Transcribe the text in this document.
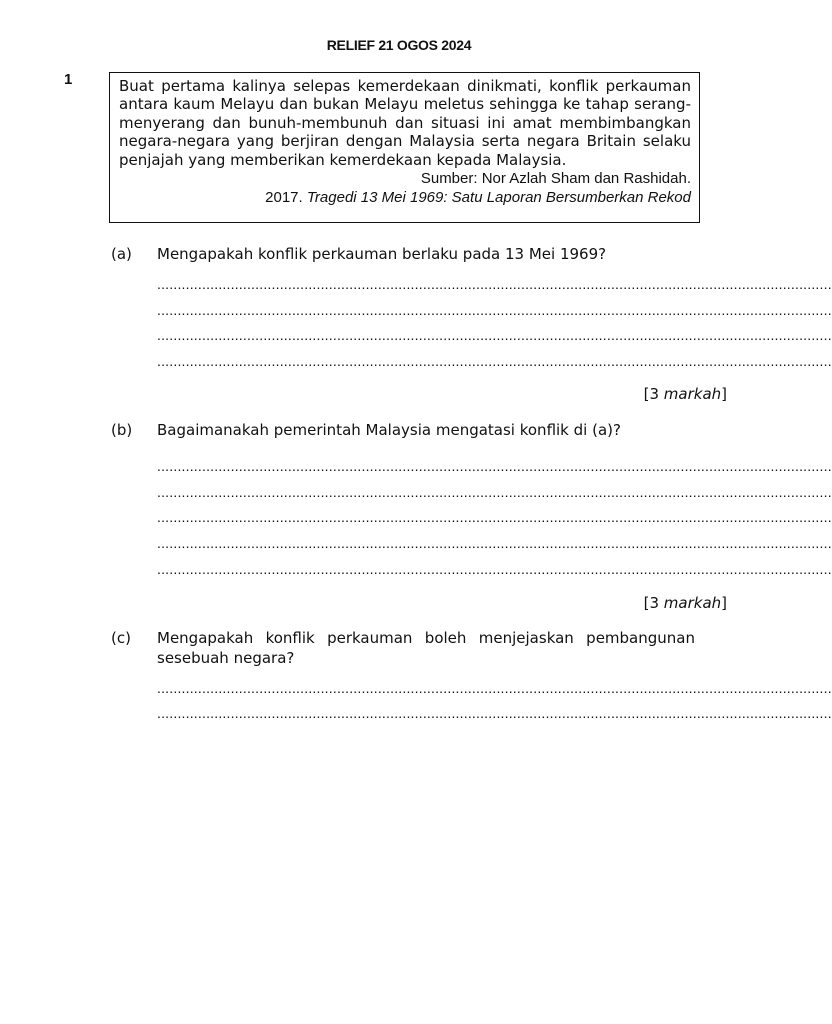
RELIEF 21 OGOS 2024
1	Buat pertama kalinya selepas kemerdekaan dinikmati, konflik perkauman antara kaum Melayu dan bukan Melayu meletus sehingga ke tahap serang-menyerang dan bunuh-membunuh dan situasi ini amat membimbangkan negara-negara yang berjiran dengan Malaysia serta negara Britain selaku penjajah yang memberikan kemerdekaan kepada Malaysia.

Sumber: Nor Azlah Sham dan Rashidah.

2017. Tragedi 13 Mei 1969: Satu Laporan Bersumberkan Rekod

(a) Mengapakah konflik perkauman berlaku pada 13 Mei 1969?
.....................................................................................................................................................................
.....................................................................................................................................................................
.....................................................................................................................................................................
.....................................................................................................................................................................
[3 markah]
(b) Bagaimanakah pemerintah Malaysia mengatasi konflik di (a)?
.....................................................................................................................................................................
.....................................................................................................................................................................
.....................................................................................................................................................................
.....................................................................................................................................................................
.....................................................................................................................................................................
[3 markah]
(c) Mengapakah konflik perkauman boleh menjejaskan pembangunan sesebuah negara?
.....................................................................................................................................................................
.....................................................................................................................................................................
